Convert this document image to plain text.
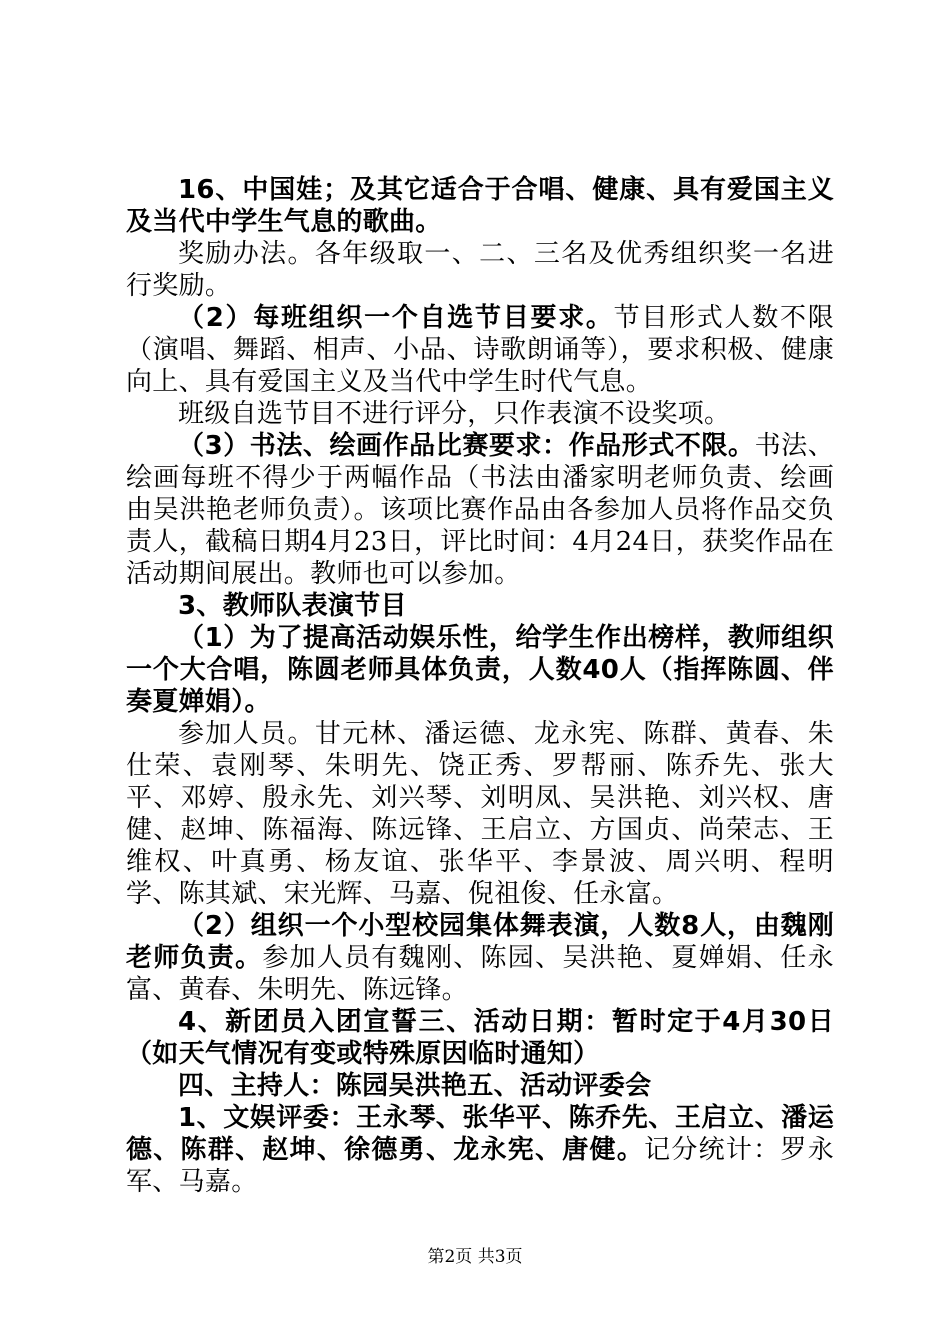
16、中国娃；及其它适合于合唱、健康、具有爱国主义及当代中学生气息的歌曲。

奖励办法。各年级取一、二、三名及优秀组织奖一名进行奖励。

（2）每班组织一个自选节目要求。节目形式人数不限（演唱、舞蹈、相声、小品、诗歌朗诵等），要求积极、健康向上、具有爱国主义及当代中学生时代气息。

班级自选节目不进行评分，只作表演不设奖项。

（3）书法、绘画作品比赛要求：作品形式不限。书法、绘画每班不得少于两幅作品（书法由潘家明老师负责、绘画由吴洪艳老师负责）。该项比赛作品由各参加人员将作品交负责人，截稿日期4月23日，评比时间：4月24日，获奖作品在活动期间展出。教师也可以参加。

3、教师队表演节目

（1）为了提高活动娱乐性，给学生作出榜样，教师组织一个大合唱，陈圆老师具体负责，人数40人（指挥陈圆、伴奏夏婵娟）。

参加人员。甘元林、潘运德、龙永宪、陈群、黄春、朱仕荣、袁刚琴、朱明先、饶正秀、罗帮丽、陈乔先、张大平、邓婷、殷永先、刘兴琴、刘明凤、吴洪艳、刘兴权、唐健、赵坤、陈福海、陈远锋、王启立、方国贞、尚荣志、王维权、叶真勇、杨友谊、张华平、李景波、周兴明、程明学、陈其斌、宋光辉、马嘉、倪祖俊、任永富。

（2）组织一个小型校园集体舞表演，人数8人，由魏刚老师负责。参加人员有魏刚、陈园、吴洪艳、夏婵娟、任永富、黄春、朱明先、陈远锋。

4、新团员入团宣誓三、活动日期：暂时定于4月30日（如天气情况有变或特殊原因临时通知）

四、主持人：陈园吴洪艳五、活动评委会

1、文娱评委：王永琴、张华平、陈乔先、王启立、潘运德、陈群、赵坤、徐德勇、龙永宪、唐健。记分统计：罗永军、马嘉。

第2页 共3页
